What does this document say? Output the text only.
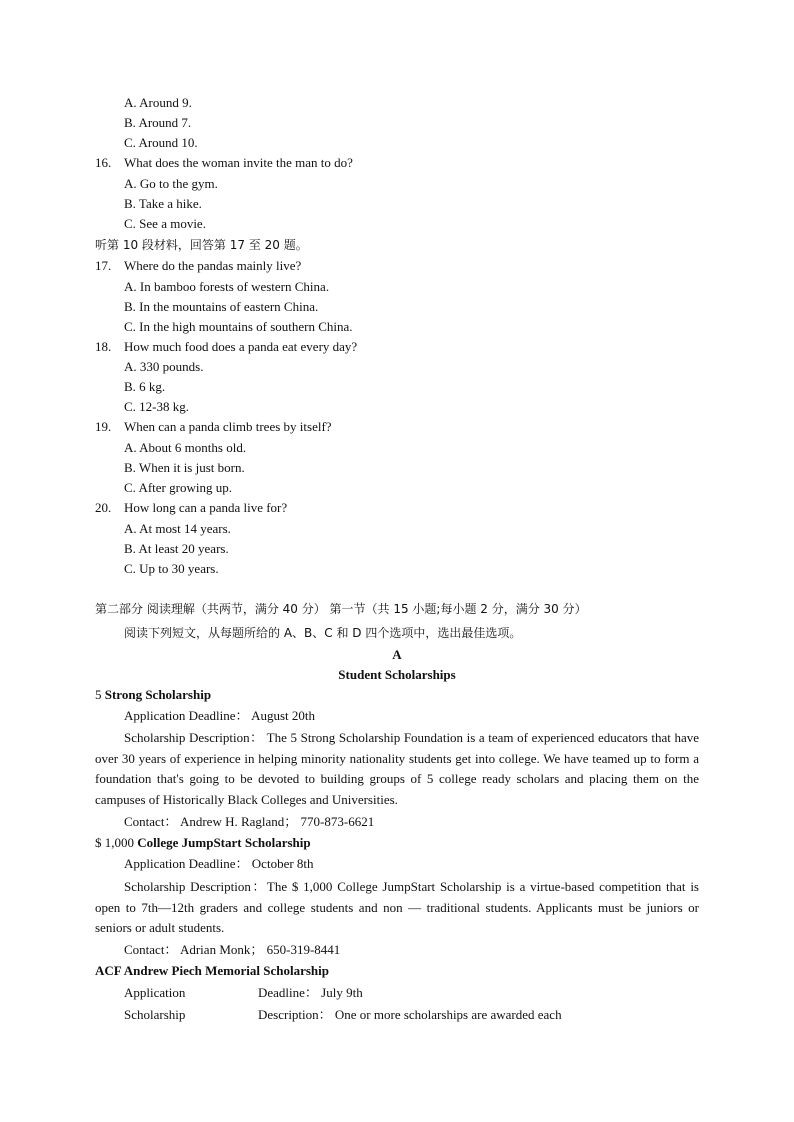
A. Around 9.
B. Around 7.
C. Around 10.
16. What does the woman invite the man to do?
A. Go to the gym.
B. Take a hike.
C. See a movie.
听第 10 段材料，回答第 17 至 20 题。
17. Where do the pandas mainly live?
A. In bamboo forests of western China.
B. In the mountains of eastern China.
C. In the high mountains of southern China.
18. How much food does a panda eat every day?
A. 330 pounds.
B. 6 kg.
C. 12-38 kg.
19. When can a panda climb trees by itself?
A. About 6 months old.
B. When it is just born.
C. After growing up.
20. How long can a panda live for?
A. At most 14 years.
B. At least 20 years.
C. Up to 30 years.
第二部分 阅读理解（共两节，满分 40 分） 第一节（共 15 小题;每小题 2 分，满分 30 分）
阅读下列短文，从每题所给的 A、B、C 和 D 四个选项中，选出最佳选项。
A
Student Scholarships
5 Strong Scholarship
Application Deadline： August 20th
Scholarship Description： The 5 Strong Scholarship Foundation is a team of experienced educators that have over 30 years of experience in helping minority nationality students get into college. We have teamed up to form a foundation that's going to be devoted to building groups of 5 college ready scholars and placing them on the campuses of Historically Black Colleges and Universities.
Contact： Andrew H. Ragland； 770-873-6621
$ 1,000 College JumpStart Scholarship
Application Deadline： October 8th
Scholarship Description：The $ 1,000 College JumpStart Scholarship is a virtue-based competition that is open to 7th—12th graders and college students and non — traditional students. Applicants must be juniors or seniors or adult students.
Contact： Adrian Monk； 650-319-8441
ACF Andrew Piech Memorial Scholarship
Application	Deadline： July 9th
Scholarship	Description： One or more scholarships are awarded each
